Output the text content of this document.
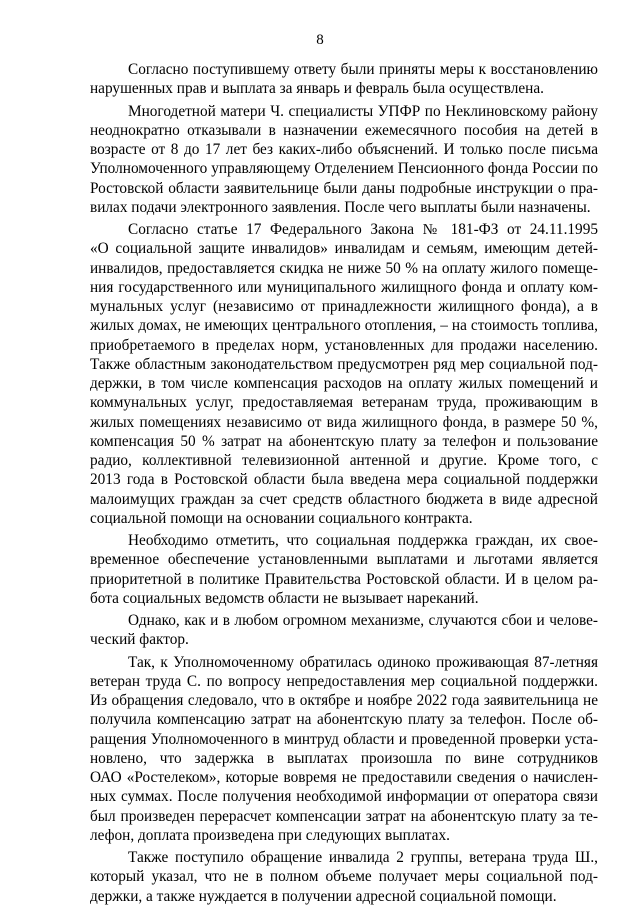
8
Согласно поступившему ответу были приняты меры к восстановлению
нарушенных прав и выплата за январь и февраль была осуществлена.
Многодетной матери Ч. специалисты УПФР по Неклиновскому району
неоднократно отказывали в назначении ежемесячного пособия на детей в
возрасте от 8 до 17 лет без каких-либо объяснений. И только после письма
Уполномоченного управляющему Отделением Пенсионного фонда России по
Ростовской области заявительнице были даны подробные инструкции о пра-
вилах подачи электронного заявления. После чего выплаты были назначены.
Согласно статье 17 Федерального Закона № 181-ФЗ от 24.11.1995
«О социальной защите инвалидов» инвалидам и семьям, имеющим детей-
инвалидов, предоставляется скидка не ниже 50 % на оплату жилого помеще-
ния государственного или муниципального жилищного фонда и оплату ком-
мунальных услуг (независимо от принадлежности жилищного фонда), а в
жилых домах, не имеющих центрального отопления, – на стоимость топлива,
приобретаемого в пределах норм, установленных для продажи населению.
Также областным законодательством предусмотрен ряд мер социальной под-
держки, в том числе компенсация расходов на оплату жилых помещений и
коммунальных услуг, предоставляемая ветеранам труда, проживающим в
жилых помещениях независимо от вида жилищного фонда, в размере 50 %,
компенсация 50 % затрат на абонентскую плату за телефон и пользование
радио, коллективной телевизионной антенной и другие. Кроме того, с
2013 года в Ростовской области была введена мера социальной поддержки
малоимущих граждан за счет средств областного бюджета в виде адресной
социальной помощи на основании социального контракта.
Необходимо отметить, что социальная поддержка граждан, их свое-
временное обеспечение установленными выплатами и льготами является
приоритетной в политике Правительства Ростовской области. И в целом ра-
бота социальных ведомств области не вызывает нареканий.
Однако, как и в любом огромном механизме, случаются сбои и челове-
ческий фактор.
Так, к Уполномоченному обратилась одиноко проживающая 87-летняя
ветеран труда С. по вопросу непредоставления мер социальной поддержки.
Из обращения следовало, что в октябре и ноябре 2022 года заявительница не
получила компенсацию затрат на абонентскую плату за телефон. После об-
ращения Уполномоченного в минтруд области и проведенной проверки уста-
новлено, что задержка в выплатах произошла по вине сотрудников
ОАО «Ростелеком», которые вовремя не предоставили сведения о начислен-
ных суммах. После получения необходимой информации от оператора связи
был произведен перерасчет компенсации затрат на абонентскую плату за те-
лефон, доплата произведена при следующих выплатах.
Также поступило обращение инвалида 2 группы, ветерана труда Ш.,
который указал, что не в полном объеме получает меры социальной под-
держки, а также нуждается в получении адресной социальной помощи.
